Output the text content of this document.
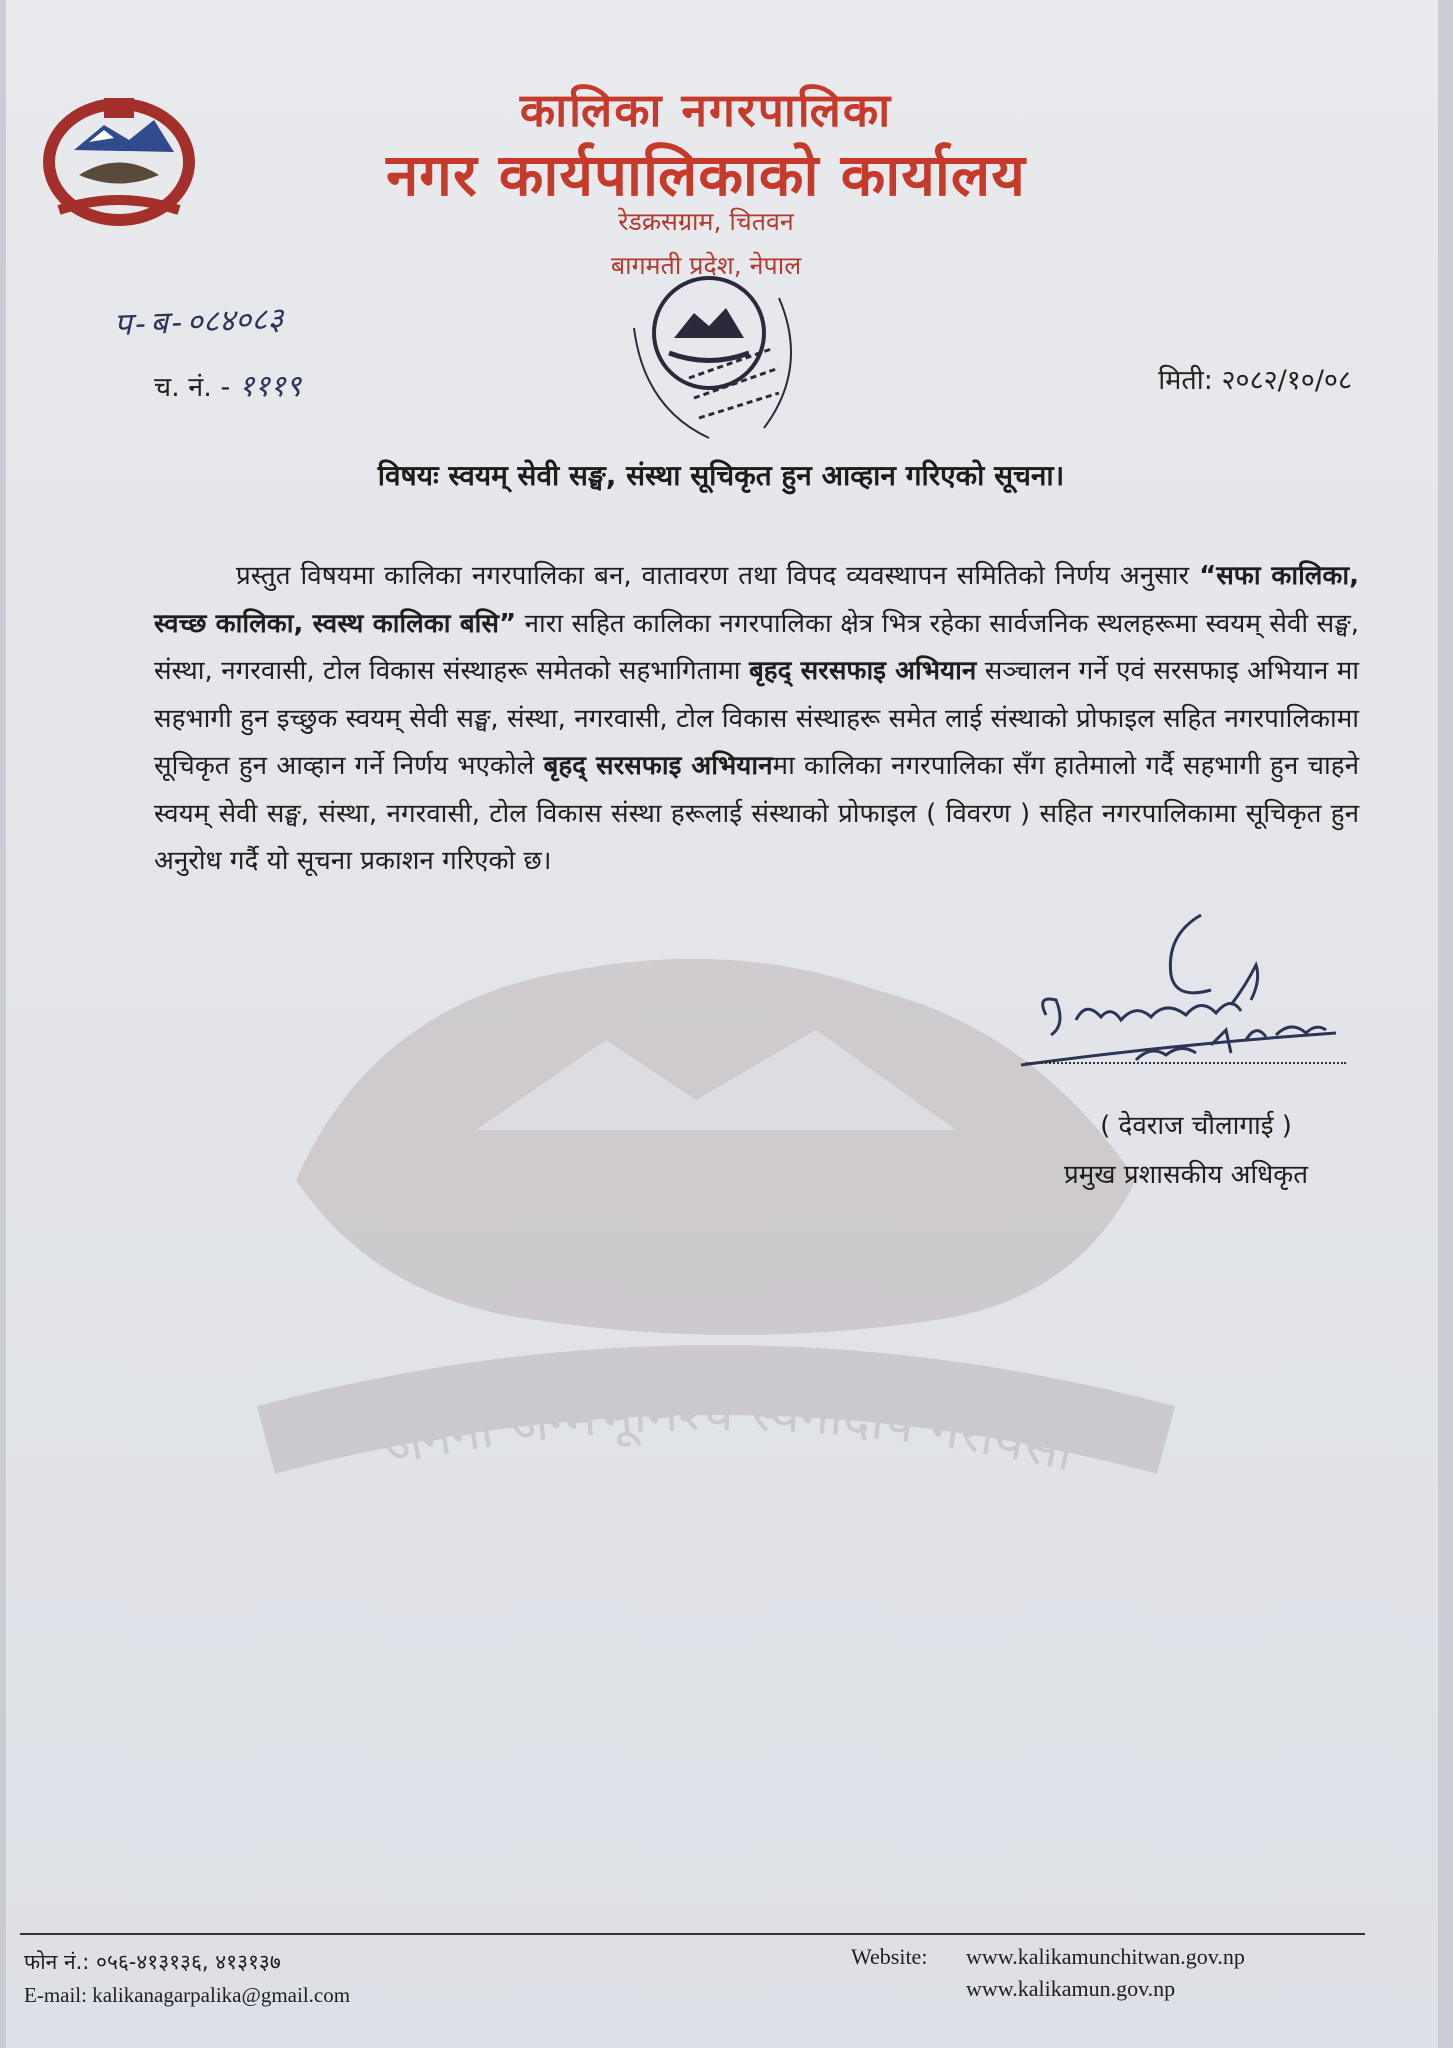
जननी जन्मभूमिश्च स्वर्गादपि गरीयसी
कालिका नगरपालिका
नगर कार्यपालिकाको कार्यालय
रेडक्रसग्राम, चितवन
बागमती प्रदेश, नेपाल
प-ब-०८४०८३
च. नं. - १११९	मिती: २०८२/१०/०८
विषयः स्वयम् सेवी सङ्घ, संस्था सूचिकृत हुन आव्हान गरिएको सूचना।
प्रस्तुत विषयमा कालिका नगरपालिका बन, वातावरण तथा विपद व्यवस्थापन समितिको निर्णय अनुसार “सफा कालिका, स्वच्छ कालिका, स्वस्थ कालिका बसि” नारा सहित कालिका नगरपालिका क्षेत्र भित्र रहेका सार्वजनिक स्थलहरूमा स्वयम् सेवी सङ्घ, संस्था, नगरवासी, टोल विकास संस्थाहरू समेतको सहभागितामा बृहद् सरसफाइ अभियान सञ्चालन गर्ने एवं सरसफाइ अभियान मा सहभागी हुन इच्छुक स्वयम् सेवी सङ्घ, संस्था, नगरवासी, टोल विकास संस्थाहरू समेत लाई संस्थाको प्रोफाइल सहित नगरपालिकामा सूचिकृत हुन आव्हान गर्ने निर्णय भएकोले बृहद् सरसफाइ अभियानमा कालिका नगरपालिका सँग हातेमालो गर्दै सहभागी हुन चाहने स्वयम् सेवी सङ्घ, संस्था, नगरवासी, टोल विकास संस्था हरूलाई संस्थाको प्रोफाइल ( विवरण ) सहित नगरपालिकामा सूचिकृत हुन अनुरोध गर्दै यो सूचना प्रकाशन गरिएको छ।
( देवराज चौलागाई )
प्रमुख प्रशासकीय अधिकृत
फोन नं.: ०५६-४१३१३६, ४१३१३७
E-mail: kalikanagarpalika@gmail.com
Website: www.kalikamunchitwan.gov.np
www.kalikamun.gov.np
